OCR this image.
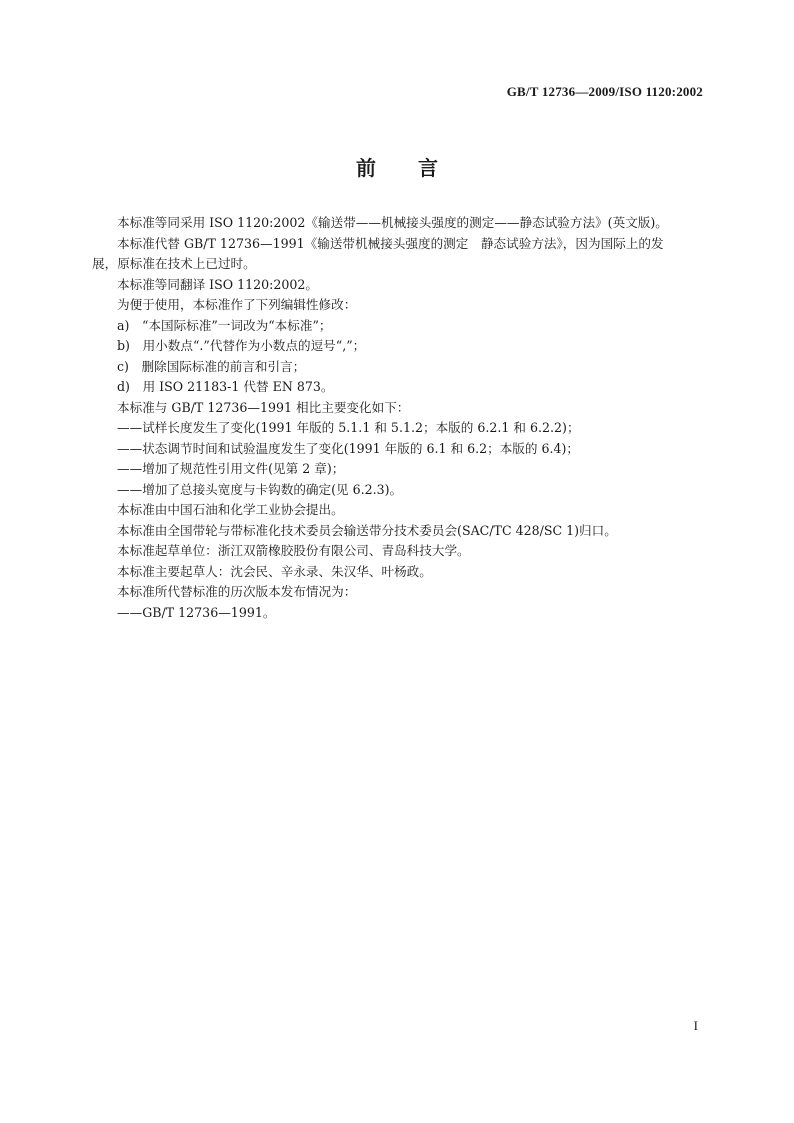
GB/T 12736—2009/ISO 1120:2002
前言
本标准等同采用 ISO 1120:2002《输送带——机械接头强度的测定——静态试验方法》(英文版)。
本标准代替 GB/T 12736—1991《输送带机械接头强度的测定　静态试验方法》，因为国际上的发
展，原标准在技术上已过时。
本标准等同翻译 ISO 1120:2002。
为便于使用，本标准作了下列编辑性修改：
a)　“本国际标准”一词改为“本标准”；
b)　用小数点“.”代替作为小数点的逗号“,”；
c)　删除国际标准的前言和引言；
d)　用 ISO 21183-1 代替 EN 873。
本标准与 GB/T 12736—1991 相比主要变化如下：
——试样长度发生了变化(1991 年版的 5.1.1 和 5.1.2；本版的 6.2.1 和 6.2.2)；
——状态调节时间和试验温度发生了变化(1991 年版的 6.1 和 6.2；本版的 6.4)；
——增加了规范性引用文件(见第 2 章)；
——增加了总接头宽度与卡钩数的确定(见 6.2.3)。
本标准由中国石油和化学工业协会提出。
本标准由全国带轮与带标准化技术委员会输送带分技术委员会(SAC/TC 428/SC 1)归口。
本标准起草单位：浙江双箭橡胶股份有限公司、青岛科技大学。
本标准主要起草人：沈会民、辛永录、朱汉华、叶杨政。
本标准所代替标准的历次版本发布情况为：
——GB/T 12736—1991。
I
